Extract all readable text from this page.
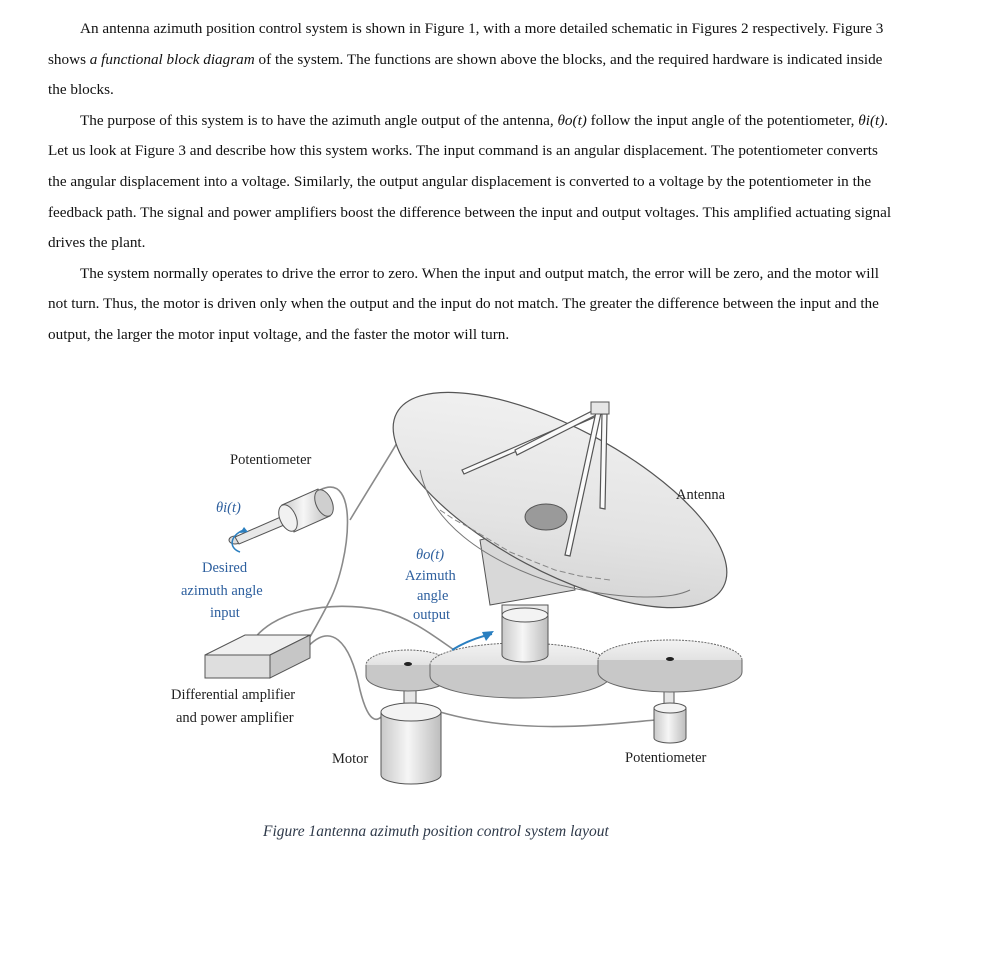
An antenna azimuth position control system is shown in Figure 1, with a more detailed schematic in Figures 2 respectively. Figure 3 shows a functional block diagram of the system. The functions are shown above the blocks, and the required hardware is indicated inside the blocks.

The purpose of this system is to have the azimuth angle output of the antenna, θo(t) follow the input angle of the potentiometer, θi(t). Let us look at Figure 3 and describe how this system works. The input command is an angular displacement. The potentiometer converts the angular displacement into a voltage. Similarly, the output angular displacement is converted to a voltage by the potentiometer in the feedback path. The signal and power amplifiers boost the difference between the input and output voltages. This amplified actuating signal drives the plant.

The system normally operates to drive the error to zero. When the input and output match, the error will be zero, and the motor will not turn. Thus, the motor is driven only when the output and the input do not match. The greater the difference between the input and the output, the larger the motor input voltage, and the faster the motor will turn.

Potentiometer
θi(t)
Desired
azimuth angle
input
θo(t)
Azimuth
angle
output
Antenna
Differential amplifier
and power amplifier
Motor	Potentiometer
Figure 1antenna azimuth position control system layout
